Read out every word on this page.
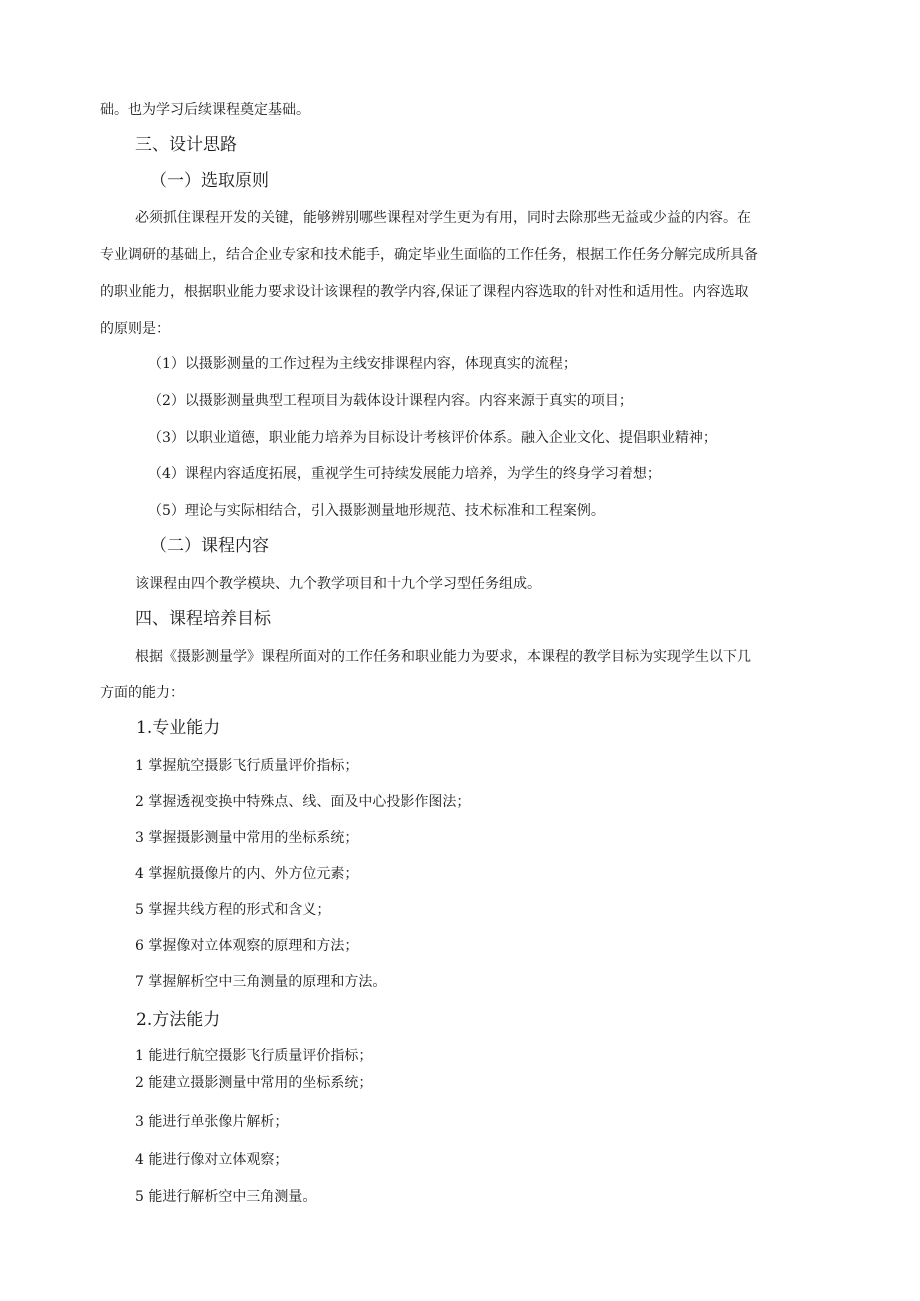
础。也为学习后续课程奠定基础。

三、设计思路

（一）选取原则

必须抓住课程开发的关键，能够辨别哪些课程对学生更为有用，同时去除那些无益或少益的内容。在

专业调研的基础上，结合企业专家和技术能手，确定毕业生面临的工作任务，根据工作任务分解完成所具备

的职业能力，根据职业能力要求设计该课程的教学内容,保证了课程内容选取的针对性和适用性。内容选取

的原则是：

（1）以摄影测量的工作过程为主线安排课程内容，体现真实的流程；

（2）以摄影测量典型工程项目为载体设计课程内容。内容来源于真实的项目；

（3）以职业道德，职业能力培养为目标设计考核评价体系。融入企业文化、提倡职业精神；

（4）课程内容适度拓展，重视学生可持续发展能力培养，为学生的终身学习着想；

（5）理论与实际相结合，引入摄影测量地形规范、技术标准和工程案例。

（二）课程内容

该课程由四个教学模块、九个教学项目和十九个学习型任务组成。

四、课程培养目标

根据《摄影测量学》课程所面对的工作任务和职业能力为要求，本课程的教学目标为实现学生以下几

方面的能力：

1.专业能力

1 掌握航空摄影飞行质量评价指标；

2 掌握透视变换中特殊点、线、面及中心投影作图法；

3 掌握摄影测量中常用的坐标系统；

4 掌握航摄像片的内、外方位元素；

5 掌握共线方程的形式和含义；

6 掌握像对立体观察的原理和方法；

7 掌握解析空中三角测量的原理和方法。

2.方法能力

1 能进行航空摄影飞行质量评价指标；

2 能建立摄影测量中常用的坐标系统；

3 能进行单张像片解析；

4 能进行像对立体观察；

5 能进行解析空中三角测量。
